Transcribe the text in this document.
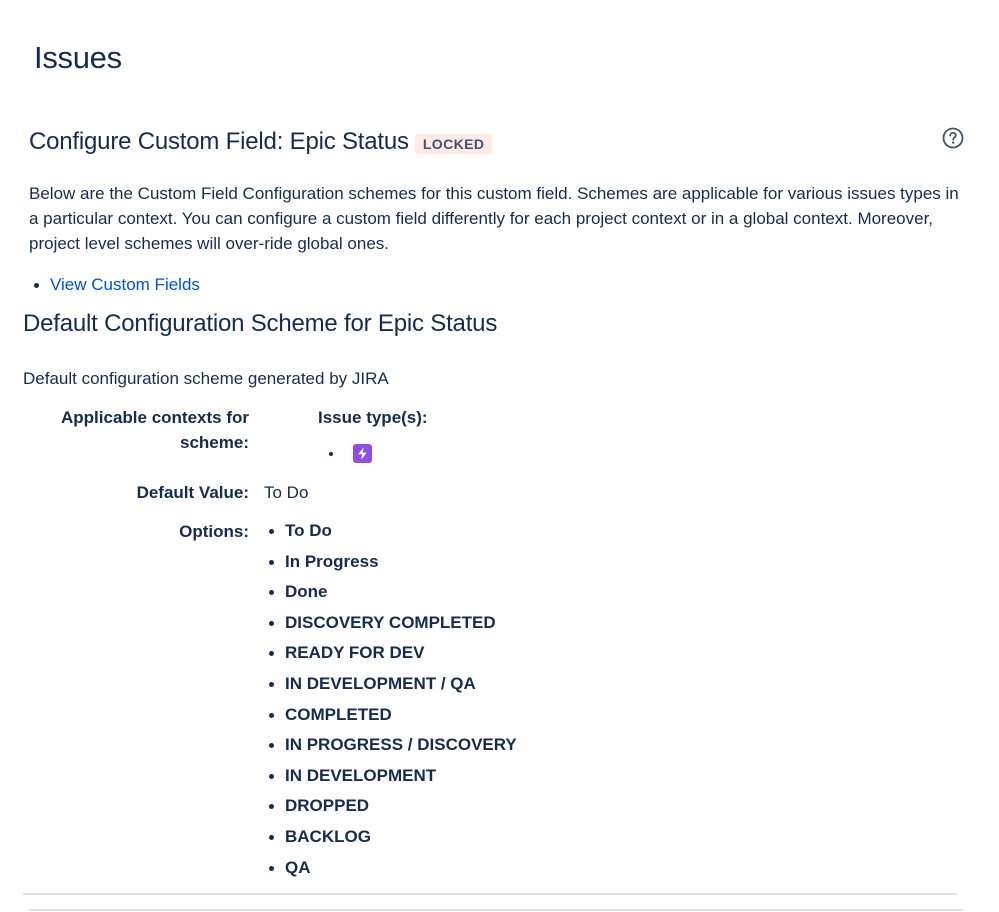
Issues
Configure Custom Field: Epic Status	LOCKED

Below are the Custom Field Configuration schemes for this custom field. Schemes are applicable for various issues types in a particular context. You can configure a custom field differently for each project context or in a global context. Moreover, project level schemes will over-ride global ones.

View Custom Fields
Default Configuration Scheme for Epic Status

Default configuration scheme generated by JIRA

Applicable contexts for scheme:
Issue type(s):
Default Value: To Do
Options:	To Do
In Progress
Done
DISCOVERY COMPLETED
READY FOR DEV
IN DEVELOPMENT / QA
COMPLETED
IN PROGRESS / DISCOVERY
IN DEVELOPMENT
DROPPED
BACKLOG
QA
